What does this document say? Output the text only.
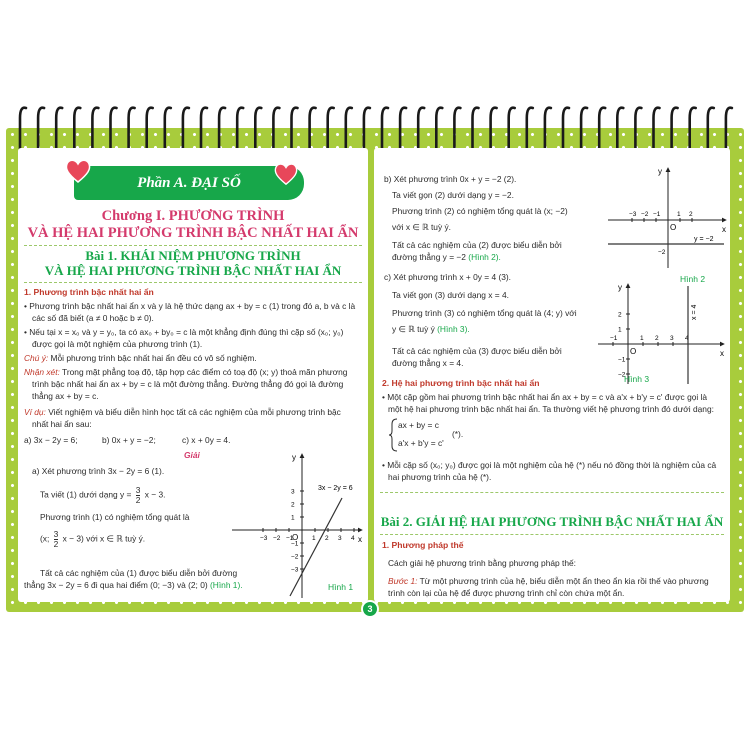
Phần A. ĐẠI SỐ
Chương I. PHƯƠNG TRÌNH
VÀ HỆ HAI PHƯƠNG TRÌNH BẬC NHẤT HAI ẨN
Bài 1. KHÁI NIỆM PHƯƠNG TRÌNH
VÀ HỆ HAI PHƯƠNG TRÌNH BẬC NHẤT HAI ẨN
1. Phương trình bậc nhất hai ẩn
• Phương trình bậc nhất hai ẩn x và y là hệ thức dạng ax + by = c (1) trong đó a, b và c là
các số đã biết (a ≠ 0 hoặc b ≠ 0).
• Nếu tại x = x₀ và y = y₀, ta có ax₀ + by₀ = c là một khẳng định đúng thì cặp số (x₀; y₀)
được gọi là một nghiệm của phương trình (1).
Chú ý: Mỗi phương trình bậc nhất hai ẩn đều có vô số nghiệm.
Nhận xét: Trong mặt phẳng toạ độ, tập hợp các điểm có toạ độ (x; y) thoả mãn phương
trình bậc nhất hai ẩn ax + by = c là một đường thẳng. Đường thẳng đó gọi là đường
thẳng ax + by = c.
Ví dụ: Viết nghiệm và biểu diễn hình học tất cả các nghiệm của mỗi phương trình bậc
nhất hai ẩn sau:
a) 3x − 2y = 6;	b) 0x + y = −2;	c) x + 0y = 4.
Giải
a) Xét phương trình 3x − 2y = 6 (1).
Ta viết (1) dưới dạng $y = \frac{3}{2}$ x − 3.
Phương trình (1) có nghiệm tổng quát là
(x; $\frac{3}{2}$ x − 3) với x ∈ ℝ tuỳ ý.
Tất cả các nghiệm của (1) được biểu diễn bởi đường
thẳng 3x − 2y = 6 đi qua hai điểm (0; −3) và (2; 0) (Hình 1).
−3 −2 −1	1 2 3 4
3
2
1
−1
−2
−3
x
y
O
3x − 2y = 6
Hình 1
b) Xét phương trình 0x + y = −2 (2).
Ta viết gọn (2) dưới dạng y = −2.
Phương trình (2) có nghiệm tổng quát là (x; −2)
với x ∈ ℝ tuỳ ý.
Tất cả các nghiệm của (2) được biểu diễn bởi
đường thẳng y = −2 (Hình 2).
c) Xét phương trình x + 0y = 4 (3).
Ta viết gọn (3) dưới dạng x = 4.
Phương trình (3) có nghiệm tổng quát là (4; y) với
y ∈ ℝ tuỳ ý (Hình 3).
Tất cả các nghiệm của (3) được biểu diễn bởi
đường thẳng x = 4.
−3 −2 −1	1 2
−2
x
y
O
y = −2
Hình 2
−1	1 2 3 4
2
1
−1
−2
x
y
O
x = 4
Hình 3
2. Hệ hai phương trình bậc nhất hai ẩn
• Một cặp gồm hai phương trình bậc nhất hai ẩn ax + by = c và a'x + b'y = c' được gọi là
một hệ hai phương trình bậc nhất hai ẩn. Ta thường viết hệ phương trình đó dưới dạng:
ax + by = c
a'x + b'y = c'
(*).
• Mỗi cặp số (x₀; y₀) được gọi là một nghiệm của hệ (*) nếu nó đồng thời là nghiệm của cả
hai phương trình của hệ (*).
Bài 2. GIẢI HỆ HAI PHƯƠNG TRÌNH BẬC NHẤT HAI ẨN
1. Phương pháp thế
Cách giải hệ phương trình bằng phương pháp thế:
Bước 1: Từ một phương trình của hệ, biểu diễn một ẩn theo ẩn kia rồi thế vào phương
trình còn lại của hệ để được phương trình chỉ còn chứa một ẩn.
3
